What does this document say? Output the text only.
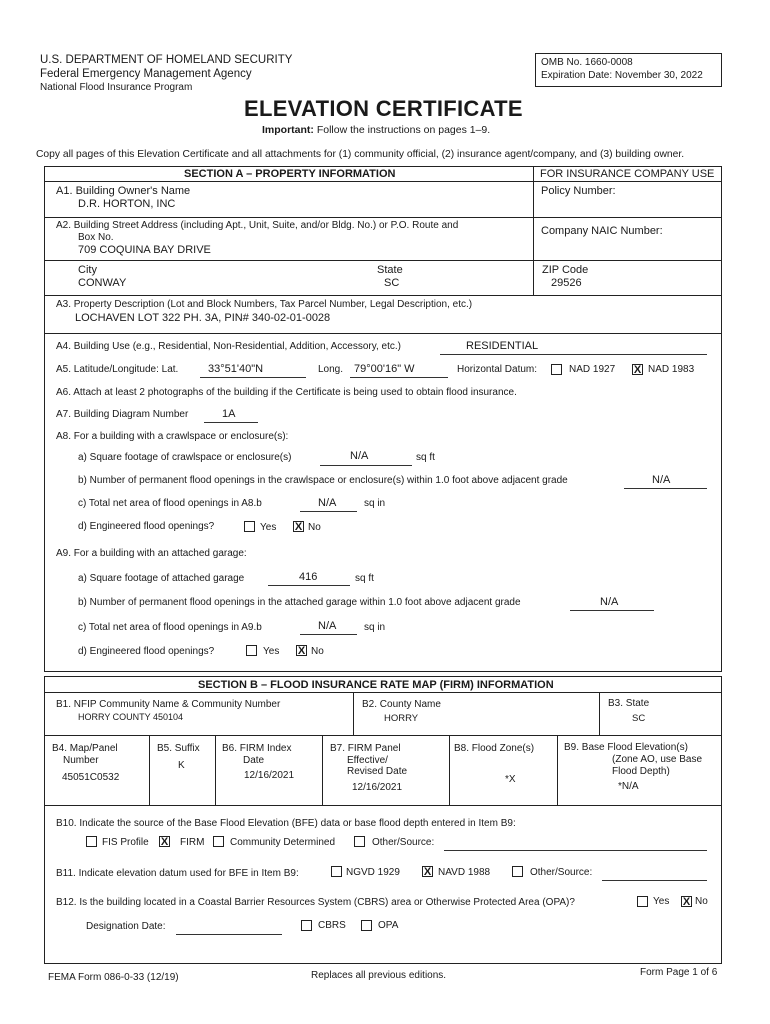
U.S. DEPARTMENT OF HOMELAND SECURITY
Federal Emergency Management Agency
National Flood Insurance Program
OMB No. 1660-0008
Expiration Date: November 30, 2022
ELEVATION CERTIFICATE
Important: Follow the instructions on pages 1–9.
Copy all pages of this Elevation Certificate and all attachments for (1) community official, (2) insurance agent/company, and (3) building owner.
SECTION A – PROPERTY INFORMATION	FOR INSURANCE COMPANY USE
A1. Building Owner's Name
D.R. HORTON, INC
Policy Number:
A2. Building Street Address (including Apt., Unit, Suite, and/or Bldg. No.) or P.O. Route and
Box No.
709 COQUINA BAY DRIVE
Company NAIC Number:
City
CONWAY
State
SC
ZIP Code
29526
A3. Property Description (Lot and Block Numbers, Tax Parcel Number, Legal Description, etc.)
LOCHAVEN LOT 322 PH. 3A, PIN# 340-02-01-0028
A4. Building Use (e.g., Residential, Non-Residential, Addition, Accessory, etc.)	RESIDENTIAL
A5. Latitude/Longitude: Lat.	33°51'40"N	Long. 79°00'16" W	Horizontal Datum:	NAD 1927 X NAD 1983
A6. Attach at least 2 photographs of the building if the Certificate is being used to obtain flood insurance.
A7. Building Diagram Number	1A
A8. For a building with a crawlspace or enclosure(s):
a) Square footage of crawlspace or enclosure(s)	N/A	sq ft
b) Number of permanent flood openings in the crawlspace or enclosure(s) within 1.0 foot above adjacent grade	N/A
c) Total net area of flood openings in A8.b	N/A	sq in
d) Engineered flood openings?	Yes X No
A9. For a building with an attached garage:
a) Square footage of attached garage	416	sq ft
b) Number of permanent flood openings in the attached garage within 1.0 foot above adjacent grade	N/A
c) Total net area of flood openings in A9.b	N/A	sq in
d) Engineered flood openings?	Yes X No
SECTION B – FLOOD INSURANCE RATE MAP (FIRM) INFORMATION
B1. NFIP Community Name & Community Number
HORRY COUNTY 450104
B2. County Name
HORRY
B3. State
SC
B4. Map/Panel
Number
45051C0532
B5. Suffix
K
B6. FIRM Index
Date
12/16/2021
B7. FIRM Panel
Effective/
Revised Date
12/16/2021
B8. Flood Zone(s)
*X
B9. Base Flood Elevation(s)
(Zone AO, use Base
Flood Depth)
*N/A
B10. Indicate the source of the Base Flood Elevation (BFE) data or base flood depth entered in Item B9:
FIS Profile X FIRM	Community Determined	Other/Source:
B11. Indicate elevation datum used for BFE in Item B9:	NGVD 1929 X NAVD 1988	Other/Source:
B12. Is the building located in a Coastal Barrier Resources System (CBRS) area or Otherwise Protected Area (OPA)?	Yes X No
Designation Date:	CBRS	OPA
FEMA Form 086-0-33 (12/19)	Replaces all previous editions.	Form Page 1 of 6
